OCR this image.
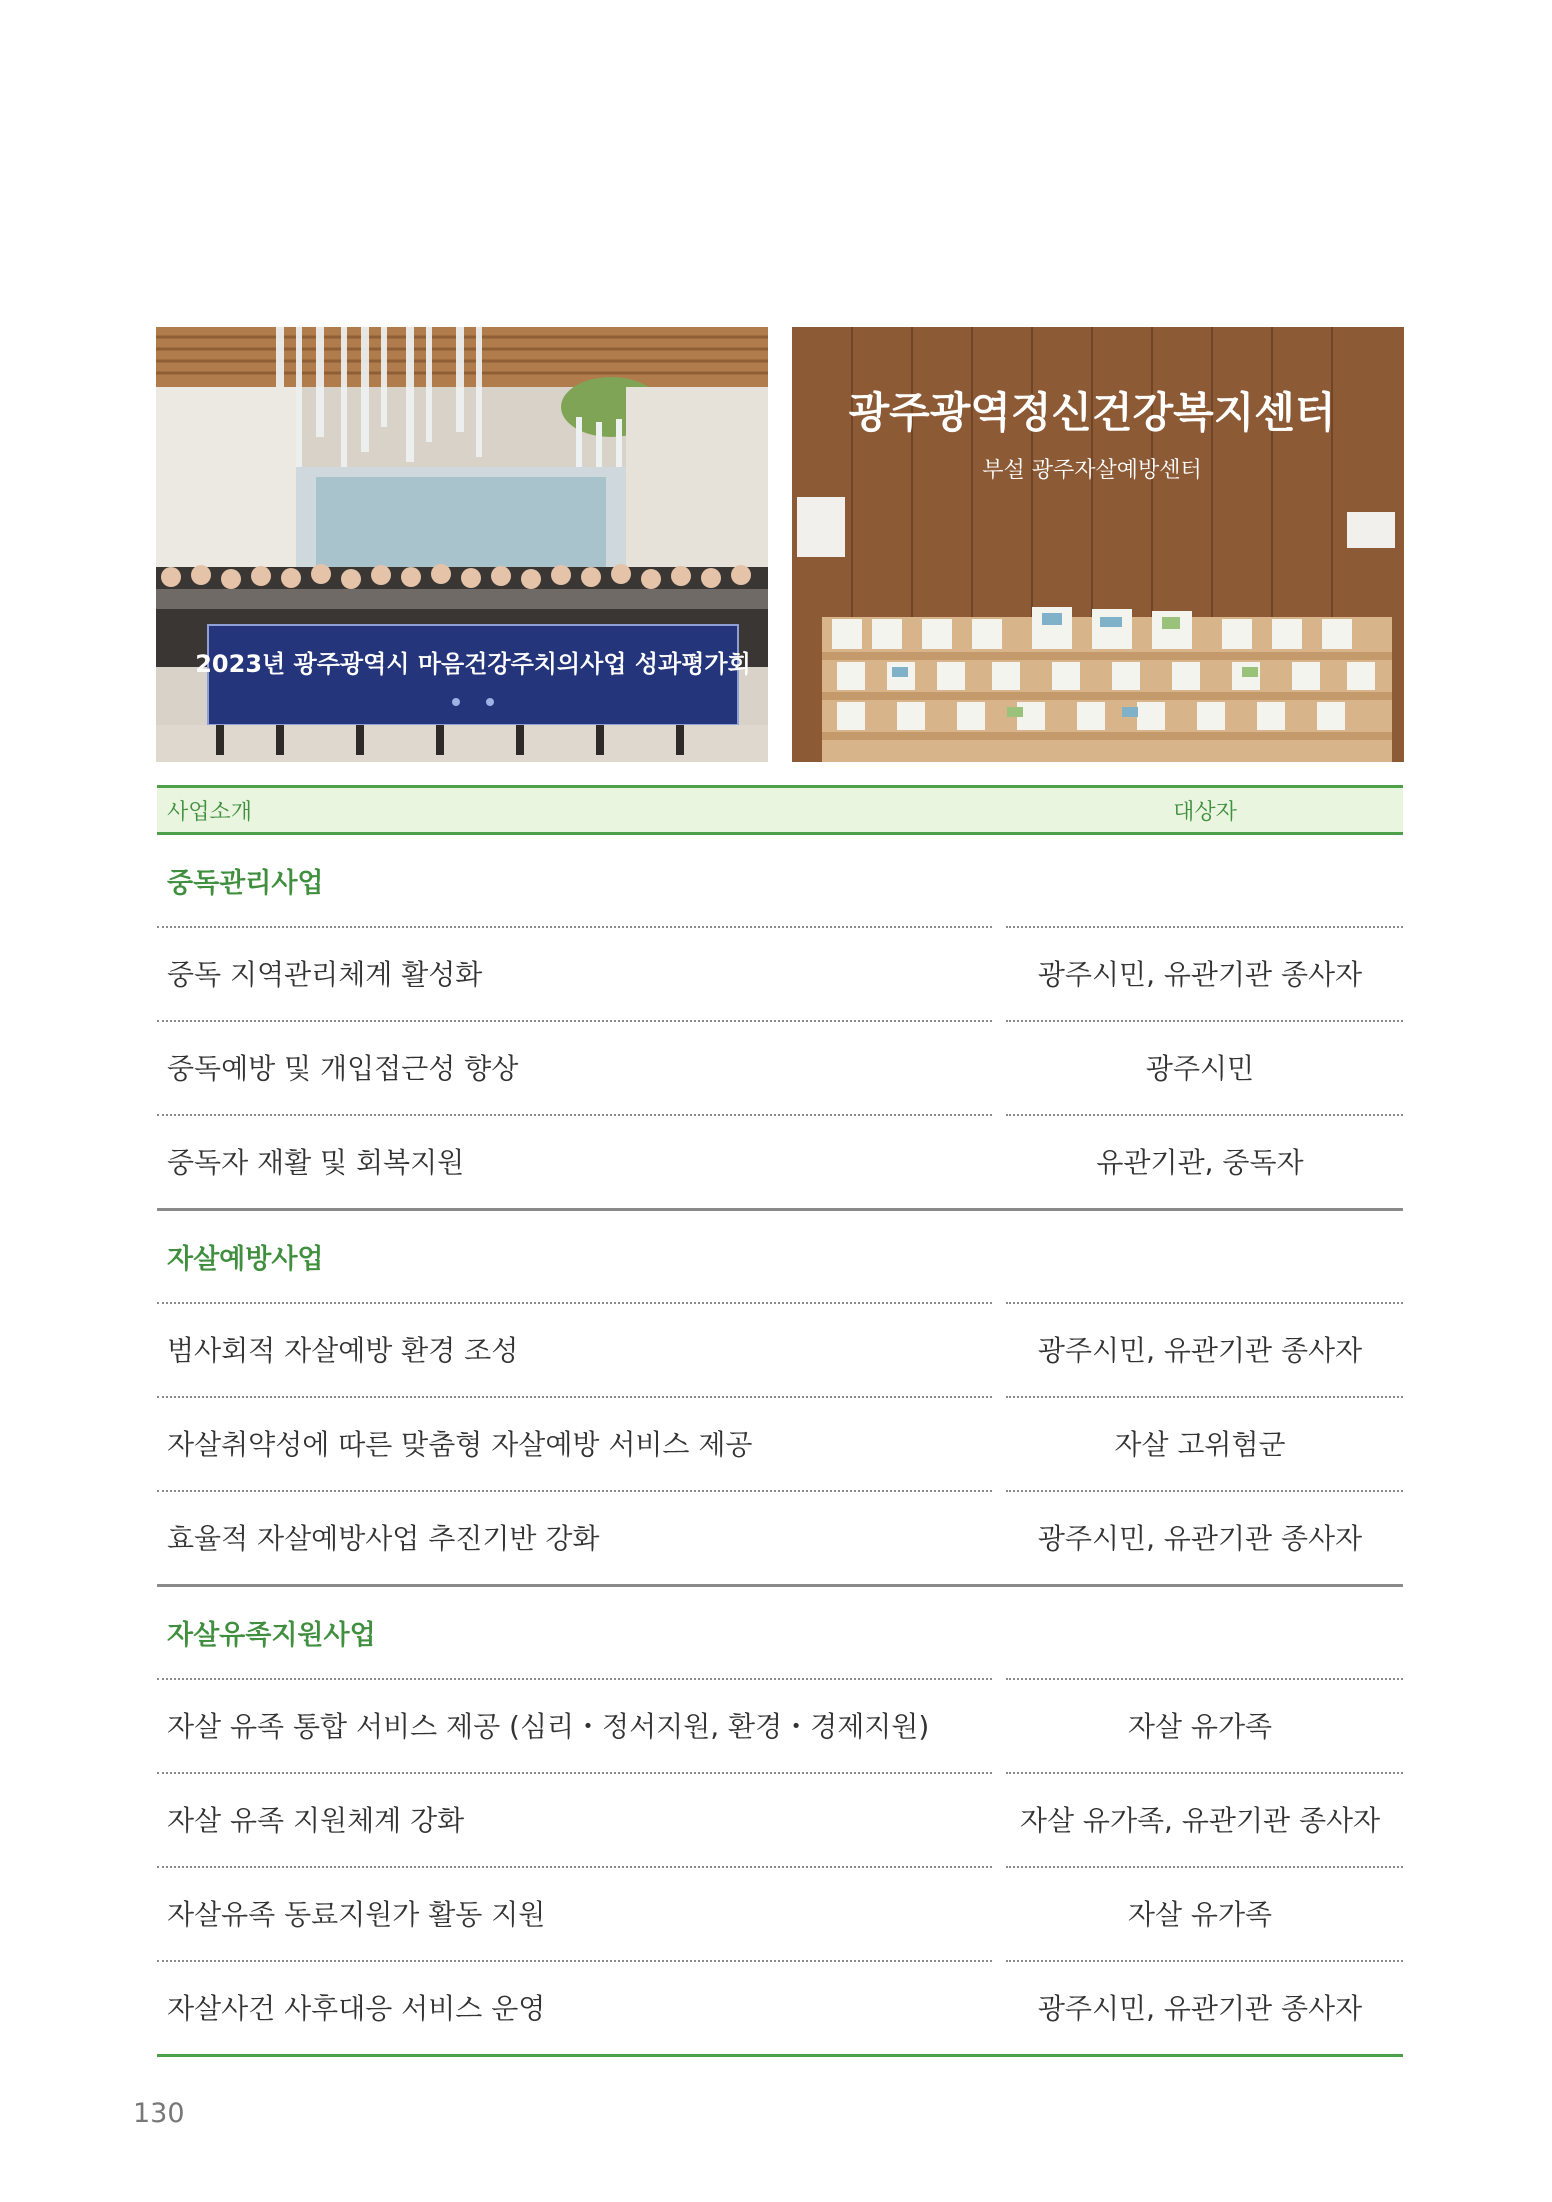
2023년 광주광역시 마음건강주치의사업 성과평가회
광주광역정신건강복지센터
부설 광주자살예방센터
사업소개	대상자
중독관리사업
중독 지역관리체계 활성화	광주시민, 유관기관 종사자
중독예방 및 개입접근성 향상	광주시민
중독자 재활 및 회복지원	유관기관, 중독자
자살예방사업
범사회적 자살예방 환경 조성	광주시민, 유관기관 종사자
자살취약성에 따른 맞춤형 자살예방 서비스 제공	자살 고위험군
효율적 자살예방사업 추진기반 강화	광주시민, 유관기관 종사자
자살유족지원사업
자살 유족 통합 서비스 제공 (심리・정서지원, 환경・경제지원)	자살 유가족
자살 유족 지원체계 강화	자살 유가족, 유관기관 종사자
자살유족 동료지원가 활동 지원	자살 유가족
자살사건 사후대응 서비스 운영	광주시민, 유관기관 종사자
130
